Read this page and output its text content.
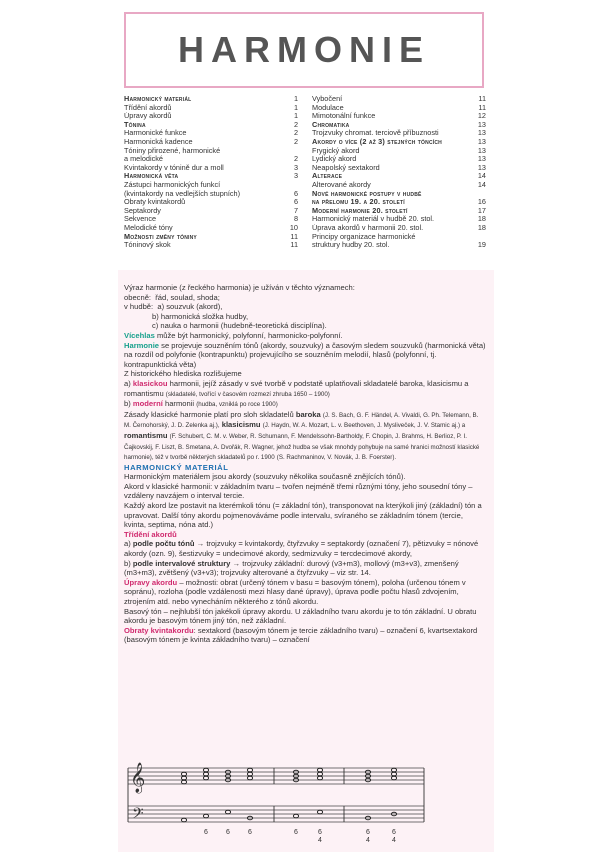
HARMONIE
Harmonický materiál	1
Třídění akordů	1
Úpravy akordů	1
Tónina	2
Harmonické funkce	2
Harmonická kadence	2
Tóniny přirozené, harmonické
a melodické	2
Kvintakordy v tónině dur a moll	3
Harmonická věta	3
Zástupci harmonických funkcí
(kvintakordy na vedlejších stupních)	6
Obraty kvintakordů	6
Septakordy	7
Sekvence	8
Melodické tóny	10
Možnosti změny tóniny	11
Tóninový skok	11
Vybočení	11
Modulace	11
Mimotonální funkce	12
Chromatika	13
Trojzvuky chromat. terciově příbuznosti	13
Akordy o více (2 až 3) stejných tóncích	13
Frygický akord	13
Lydický akord	13
Neapolský sextakord	13
Alterace	14
Alterované akordy	14
Nové harmonické postupy v hudbě
na přelomu 19. a 20. století	16
Moderní harmonie 20. století	17
Harmonický materiál v hudbě 20. stol.	18
Úprava akordů v harmonii 20. stol.	18
Principy organizace harmonické
struktury hudby 20. stol.	19

Výraz harmonie (z řeckého harmonia) je užíván v těchto významech:

obecně: řád, soulad, shoda;

v hudbě: a) souzvuk (akord),

b) harmonická složka hudby,

c) nauka o harmonii (hudebně-teoretická disciplína).

Vícehlas může být harmonický, polyfonní, harmonicko-polyfonní.

Harmonie se projevuje souzněním tónů (akordy, souzvuky) a časovým sledem souzvuků (harmonická věta) na rozdíl od polyfonie (kontrapunktu) projevujícího se souzněním melodií, hlasů (polyfonní, tj. kontrapunktická věta)

Z historického hlediska rozlišujeme

a) klasickou harmonii, jejíž zásady v své tvorbě v podstatě uplatňovali skladatelé baroka, klasicismu a romantismu (skladatelé, tvořící v časovém rozmezí zhruba 1650 – 1900)

b) moderní harmonii (hudba, vzniklá po roce 1900)

Zásady klasické harmonie platí pro sloh skladatelů baroka (J. S. Bach, G. F. Händel, A. Vivaldi, G. Ph. Telemann, B. M. Černohorský, J. D. Zelenka aj.), klasicismu (J. Haydn, W. A. Mozart, L. v. Beethoven, J. Mysliveček, J. V. Stamic aj.) a romantismu (F. Schubert, C. M. v. Weber, R. Schumann, F. Mendelssohn-Bartholdy, F. Chopin, J. Brahms, H. Berlioz, P. I. Čajkovskij, F. Liszt, B. Smetana, A. Dvořák, R. Wagner, jehož hudba se však mnohdy pohybuje na samé hranici možností klasické harmonie), též v tvorbě některých skladatelů po r. 1900 (S. Rachmaninov, V. Novák, J. B. Foerster).

HARMONICKÝ MATERIÁL

Harmonickým materiálem jsou akordy (souzvuky několika současně znějících tónů).

Akord v klasické harmonii: v základním tvaru – tvořen nejméně třemi různými tóny, jeho sousední tóny – vzdáleny navzájem o interval tercie.

Každý akord lze postavit na kterémkoli tónu (= základní tón), transponovat na kterýkoli jiný (základní) tón a upravovat. Další tóny akordu pojmenováváme podle intervalu, svíraného se základním tónem (tercie, kvinta, septima, nóna atd.)

Třídění akordů

a) podle počtu tónů → trojzvuky = kvintakordy, čtyřzvuky = septakordy (označení 7), pětizvuky = nónové akordy (ozn. 9), šestizvuky = undecimové akordy, sedmizvuky = tercdecimové akordy,

b) podle intervalové struktury → trojzvuky základní: durový (v3+m3), mollový (m3+v3), zmenšený (m3+m3), zvětšený (v3+v3); trojzvuky alterované a čtyřzvuky – viz str. 14.

Úpravy akordu – možnosti: obrat (určený tónem v basu = basovým tónem), poloha (určenou tónem v sopránu), rozloha (podle vzdálenosti mezi hlasy dané úpravy), úprava podle počtu hlasů zdvojením, ztrojením atd. nebo vynecháním některého z tónů akordu.

Basový tón – nejhlubší tón jakékoli úpravy akordu. U základního tvaru akordu je to tón základní. U obratu akordu je basovým tónem jiný tón, než základní.

Obraty kvintakordu: sextakord (basovým tónem je tercie základního tvaru) – označení 6, kvartsextakord (basovým tónem je kvinta základního tvaru) – označení

𝄞
𝄢
6	6	6	6	6	6	6
4	4	4
